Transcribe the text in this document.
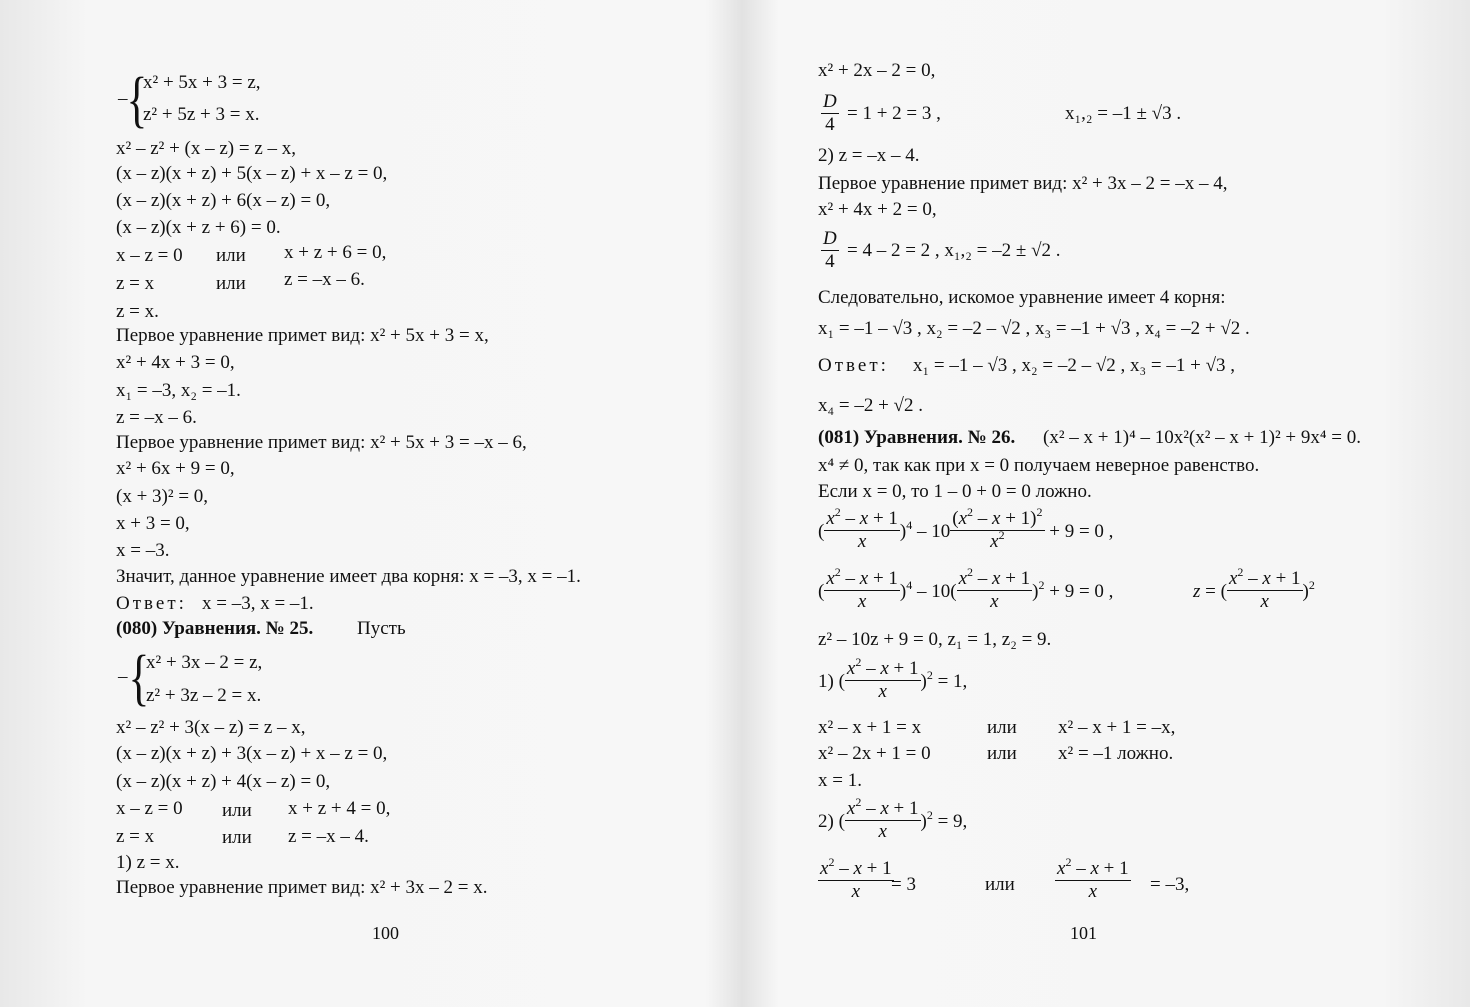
–
{
x² + 5x + 3 = z,
z² + 5z + 3 = x.
x² – z² + (x – z) = z – x,
(x – z)(x + z) + 5(x – z) + x – z = 0,
(x – z)(x + z) + 6(x – z) = 0,
(x – z)(x + z + 6) = 0.
x – z = 0 или x + z + 6 = 0,
z = x	или z = –x – 6.
z = x.
Первое уравнение примет вид: x² + 5x + 3 = x,
x² + 4x + 3 = 0,
x₁ = –3, x₂ = –1.
z = –x – 6.
Первое уравнение примет вид: x² + 5x + 3 = –x – 6,
x² + 6x + 9 = 0,
(x + 3)² = 0,
x + 3 = 0,
x = –3.
Значит, данное уравнение имеет два корня: x = –3, x = –1.
Ответ: x = –3, x = –1.
(080) Уравнения. № 25. Пусть
– {
x² + 3x – 2 = z,
z² + 3z – 2 = x.
x² – z² + 3(x – z) = z – x,
(x – z)(x + z) + 3(x – z) + x – z = 0,
(x – z)(x + z) + 4(x – z) = 0,
x – z = 0 или x + z + 4 = 0,
z = x	или z = –x – 4.
1) z = x.
Первое уравнение примет вид: x² + 3x – 2 = x.
100
x² + 2x – 2 = 0,
$\frac{D}{4} = 1 + 2 = 3$ ,	x₁,₂ = –1 ± √3 .
2) z = –x – 4.
Первое уравнение примет вид: x² + 3x – 2 = –x – 4,
x² + 4x + 2 = 0,
$\frac{D}{4} = 4 - 2 = 2$ , x₁,₂ = –2 ± √2 .
Следовательно, искомое уравнение имеет 4 корня:
x₁ = –1 – √3 , x₂ = –2 – √2 , x₃ = –1 + √3 , x₄ = –2 + √2 .
Ответ: x₁ = –1 – √3 , x₂ = –2 – √2 , x₃ = –1 + √3 ,
x₄ = –2 + √2 .
(081) Уравнения. № 26. (x² – x + 1)⁴ – 10x²(x² – x + 1)² + 9x⁴ = 0.
x⁴ ≠ 0, так как при x = 0 получаем неверное равенство.
Если x = 0, то 1 – 0 + 0 = 0 ложно.
( $\frac{x^2 - x + 1}{x} )^4 - 10 \frac{(x^2 - x + 1)^2}{x^2} + 9 = 0$ ,
( $\frac{x^2 - x + 1}{x} )^4 - 10( \frac{x^2 - x + 1}{x} )^2 + 9 = 0$ ,	z = ( $\frac{x^2 - x + 1}{x} )^2$
z² – 10z + 9 = 0, z₁ = 1, z₂ = 9.
1) ( $\frac{x^2 - x + 1}{x} )^2 = 1$,
x² – x + 1 = x	или x² – x + 1 = –x,
x² – 2x + 1 = 0	или x² = –1 ложно.
x = 1.
2) ( $\frac{x^2 - x + 1}{x} )^2 = 9$,
$\frac{x^2 - x + 1}{x}$
= 3	или $\frac{x^2 - x + 1}{x} = -3$,
101
